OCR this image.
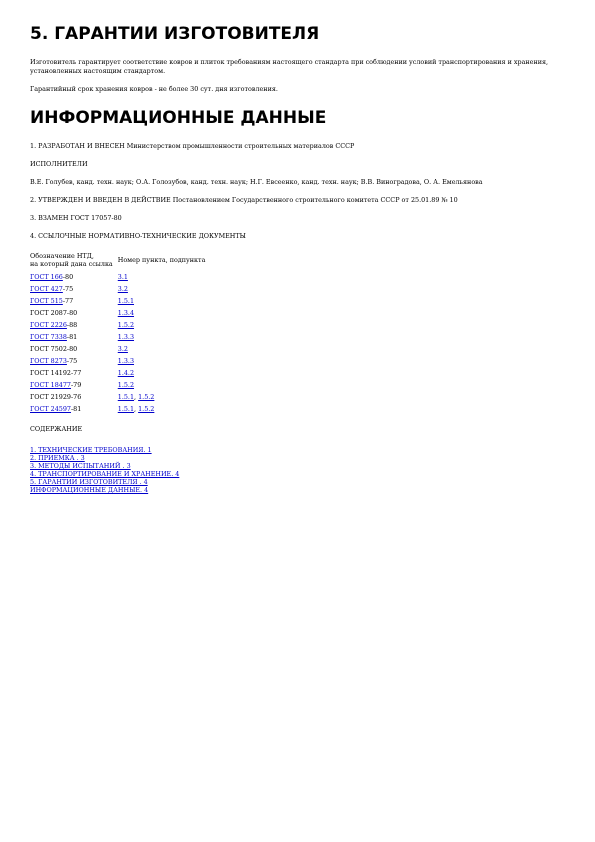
5. ГАРАНТИИ ИЗГОТОВИТЕЛЯ

Изготовитель гарантирует соответствие ковров и плиток требованиям настоящего стандарта при соблюдении условий транспортирования и хранения, установленных настоящим стандартом.

Гарантийный срок хранения ковров - не более 30 сут. дня изготовления.

ИНФОРМАЦИОННЫЕ ДАННЫЕ

1. РАЗРАБОТАН И ВНЕСЕН Министерством промышленности строительных материалов СССР

ИСПОЛНИТЕЛИ

В.Е. Голубев, канд. техн. наук; О.А. Голозубов, канд. техн. наук; Н.Г. Евсеенко, канд. техн. наук; В.В. Виноградова, О. А. Емельянова

2. УТВЕРЖДЕН И ВВЕДЕН В ДЕЙСТВИЕ Постановлением Государственного строительного комитета СССР от 25.01.89 № 10

3. ВЗАМЕН ГОСТ 17057-80

4. ССЫЛОЧНЫЕ НОРМАТИВНО-ТЕХНИЧЕСКИЕ ДОКУМЕНТЫ

Обозначение НТД,
на который дана ссылка	Номер пункта, подпункта
ГОСТ 166-80	3.1
ГОСТ 427-75	3.2
ГОСТ 515-77	1.5.1
ГОСТ 2087-80	1.3.4
ГОСТ 2226-88	1.5.2
ГОСТ 7338-81	1.3.3
ГОСТ 7502-80	3.2
ГОСТ 8273-75	1.3.3
ГОСТ 14192-77	1.4.2
ГОСТ 18477-79	1.5.2
ГОСТ 21929-76	1.5.1, 1.5.2
ГОСТ 24597-81	1.5.1, 1.5.2

СОДЕРЖАНИЕ

1. ТЕХНИЧЕСКИЕ ТРЕБОВАНИЯ. 1
2. ПРИЕМКА . 3
3. МЕТОДЫ ИСПЫТАНИЙ . 3
4. ТРАНСПОРТИРОВАНИЕ И ХРАНЕНИЕ. 4
5. ГАРАНТИИ ИЗГОТОВИТЕЛЯ . 4
ИНФОРМАЦИОННЫЕ ДАННЫЕ. 4
